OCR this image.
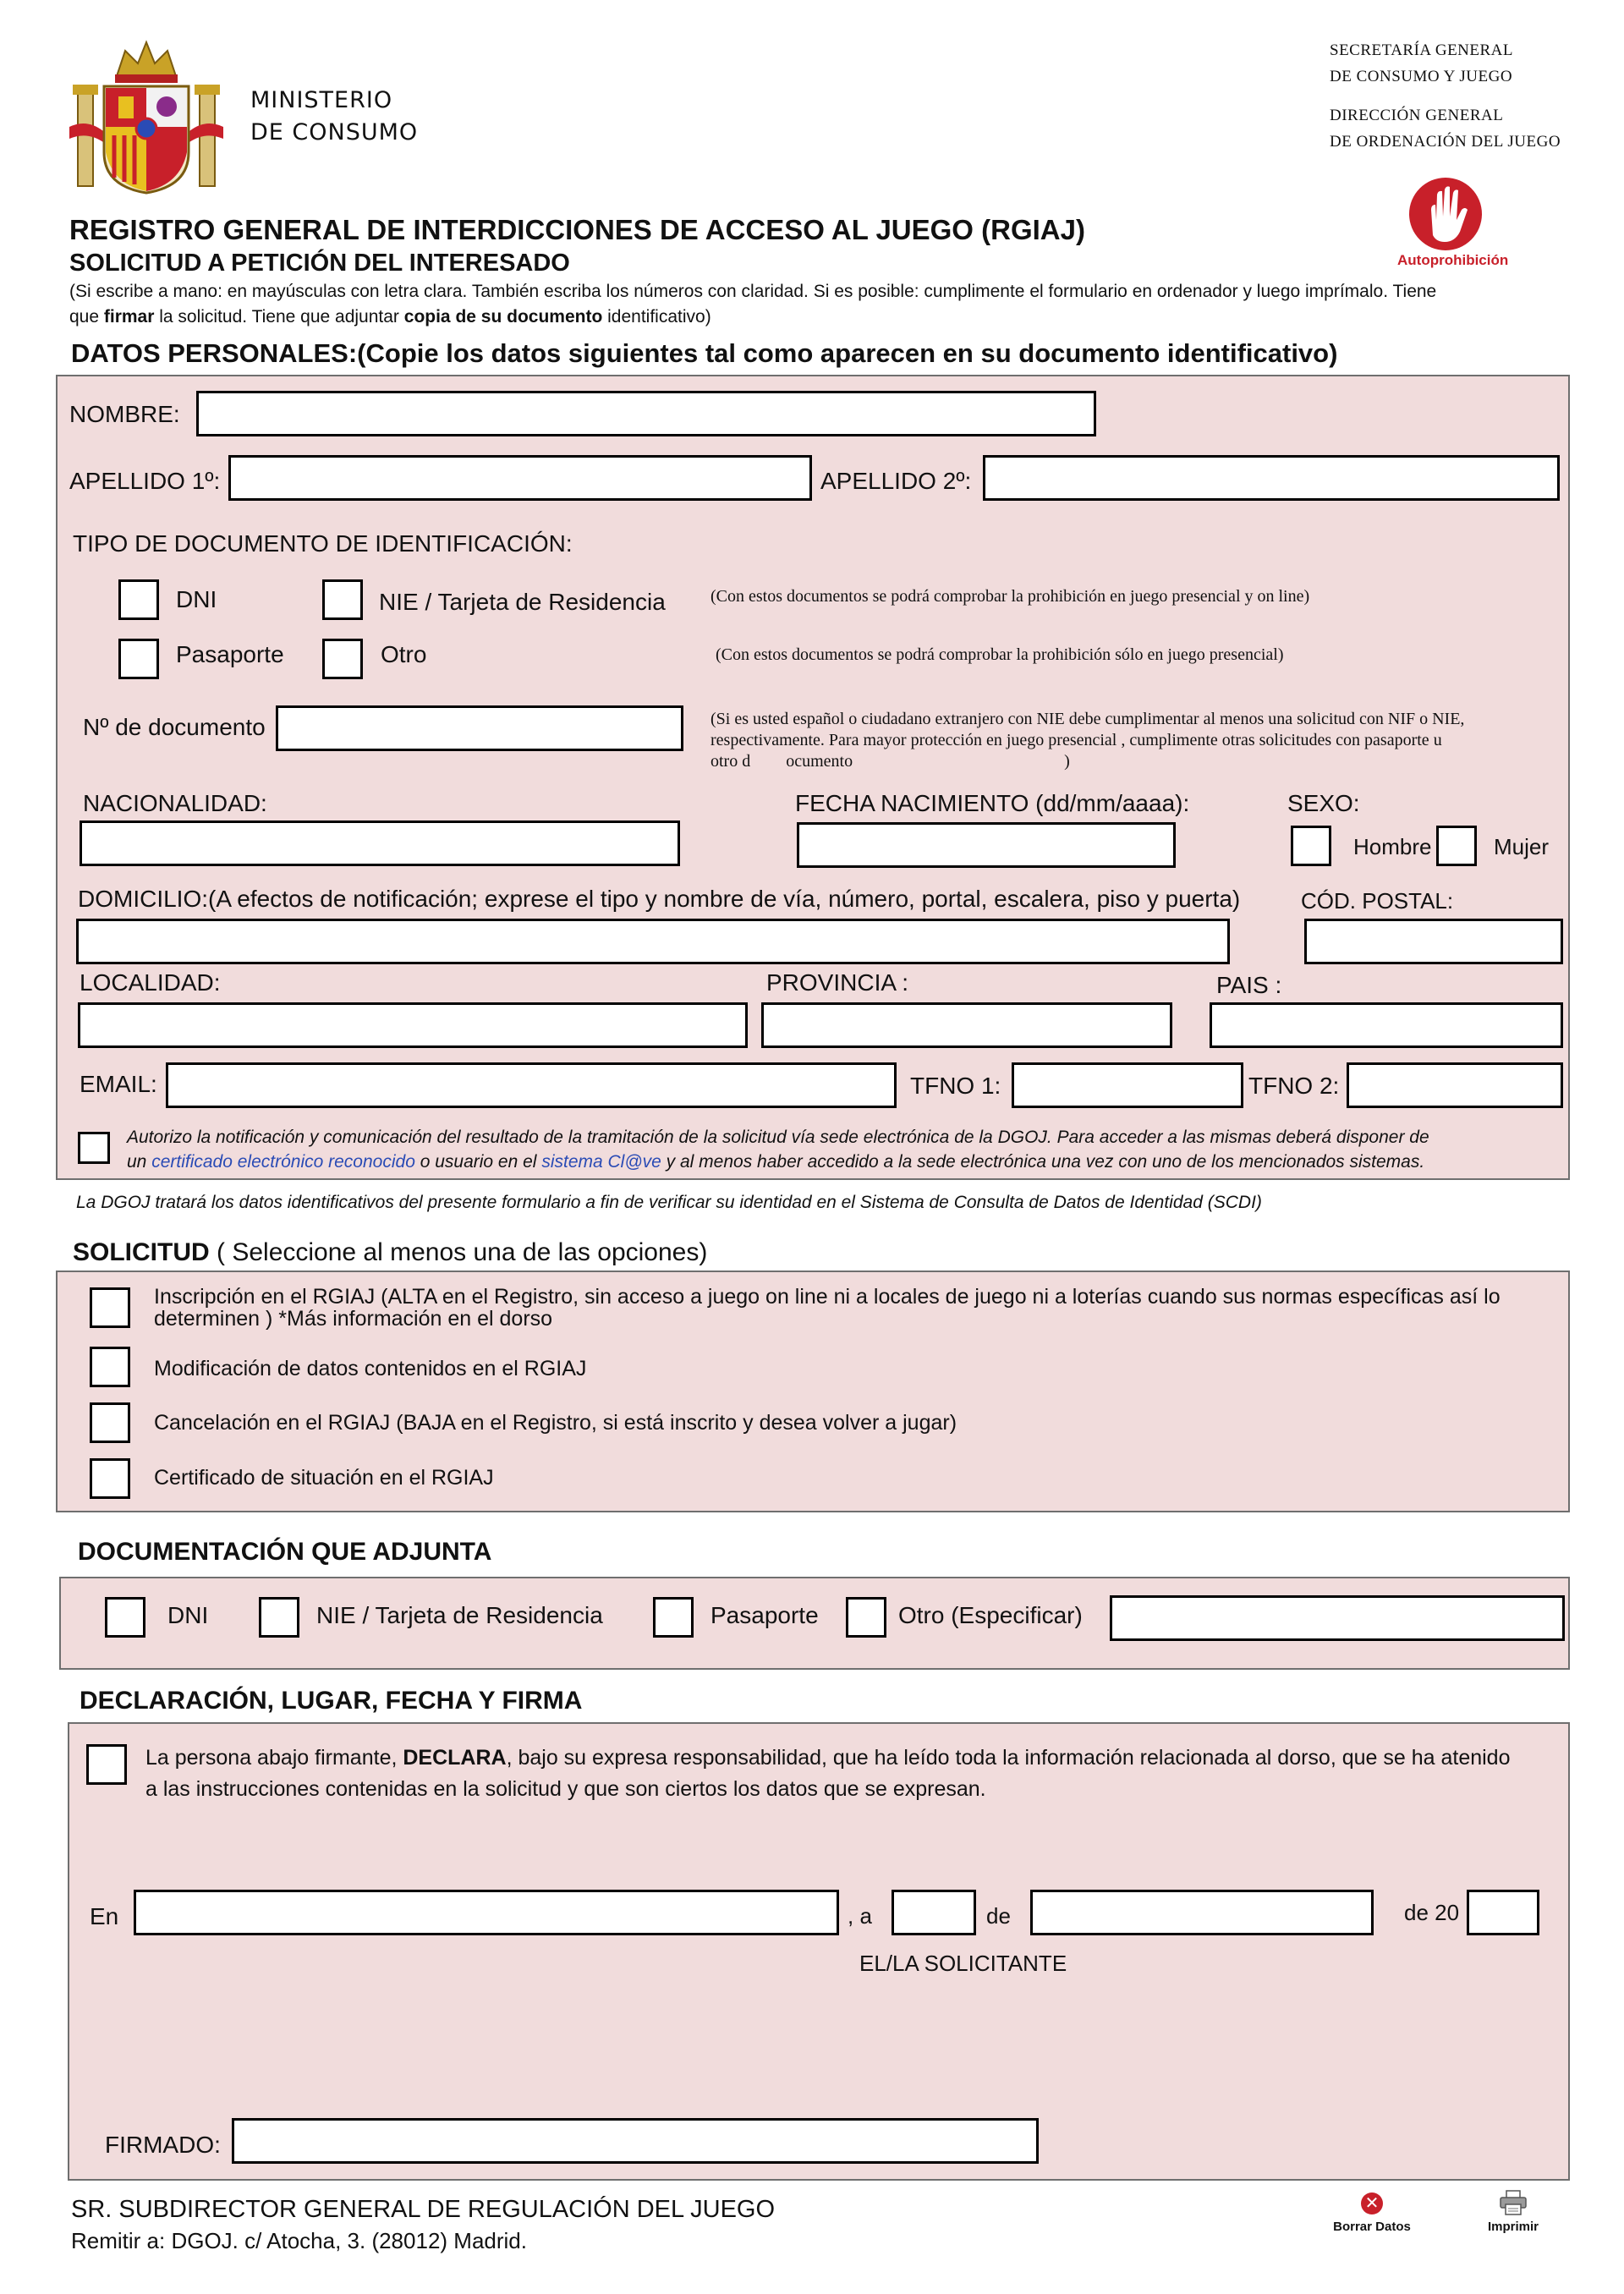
MINISTERIO
DE CONSUMO
SECRETARÍA GENERAL
DE CONSUMO Y JUEGO
DIRECCIÓN GENERAL
DE ORDENACIÓN DEL JUEGO
Autoprohibición
REGISTRO GENERAL DE INTERDICCIONES DE ACCESO AL JUEGO (RGIAJ)
SOLICITUD A PETICIÓN DEL INTERESADO
(Si escribe a mano: en mayúsculas con letra clara. También escriba los números con claridad. Si es posible: cumplimente el formulario en ordenador y luego imprímalo. Tiene
que firmar la solicitud. Tiene que adjuntar copia de su documento identificativo)
DATOS PERSONALES:(Copie los datos siguientes tal como aparecen en su documento identificativo)
NOMBRE:
APELLIDO 1º:	APELLIDO 2º:
TIPO DE DOCUMENTO DE IDENTIFICACIÓN:
DNI	NIE / Tarjeta de Residencia	(Con estos documentos se podrá comprobar la prohibición en juego presencial y on line)
Pasaporte	Otro	(Con estos documentos se podrá comprobar la prohibición sólo en juego presencial)
Nº de documento	(Si es usted español o ciudadano extranjero con NIE debe cumplimentar al menos una solicitud con NIF o NIE,
respectivamente. Para mayor protección en juego presencial , cumplimente otras solicitudes con pasaporte u
otro d ocumento	)
NACIONALIDAD:	FECHA NACIMIENTO (dd/mm/aaaa):	SEXO:
Hombre	Mujer
DOMICILIO:(A efectos de notificación; exprese el tipo y nombre de vía, número, portal, escalera, piso y puerta)	CÓD. POSTAL:
LOCALIDAD:	PROVINCIA :	PAIS :
EMAIL:	TFNO 1:	TFNO 2:
Autorizo la notificación y comunicación del resultado de la tramitación de la solicitud vía sede electrónica de la DGOJ. Para acceder a las mismas deberá disponer de
un certificado electrónico reconocido o usuario en el sistema Cl@ve y al menos haber accedido a la sede electrónica una vez con uno de los mencionados sistemas.
La DGOJ tratará los datos identificativos del presente formulario a fin de verificar su identidad en el Sistema de Consulta de Datos de Identidad (SCDI)
SOLICITUD ( Seleccione al menos una de las opciones)
Inscripción en el RGIAJ (ALTA en el Registro, sin acceso a juego on line ni a locales de juego ni a loterías cuando sus normas específicas así lo
determinen ) *Más información en el dorso
Modificación de datos contenidos en el RGIAJ
Cancelación en el RGIAJ (BAJA en el Registro, si está inscrito y desea volver a jugar)
Certificado de situación en el RGIAJ
DOCUMENTACIÓN QUE ADJUNTA
DNI	NIE / Tarjeta de Residencia	Pasaporte	Otro (Especificar)
DECLARACIÓN, LUGAR, FECHA Y FIRMA
La persona abajo firmante, DECLARA, bajo su expresa responsabilidad, que ha leído toda la información relacionada al dorso, que se ha atenido
a las instrucciones contenidas en la solicitud y que son ciertos los datos que se expresan.
En	, a	de	de 20
EL/LA SOLICITANTE
FIRMADO:
SR. SUBDIRECTOR GENERAL DE REGULACIÓN DEL JUEGO
Remitir a: DGOJ. c/ Atocha, 3. (28012) Madrid.
✕
Borrar Datos	Imprimir
